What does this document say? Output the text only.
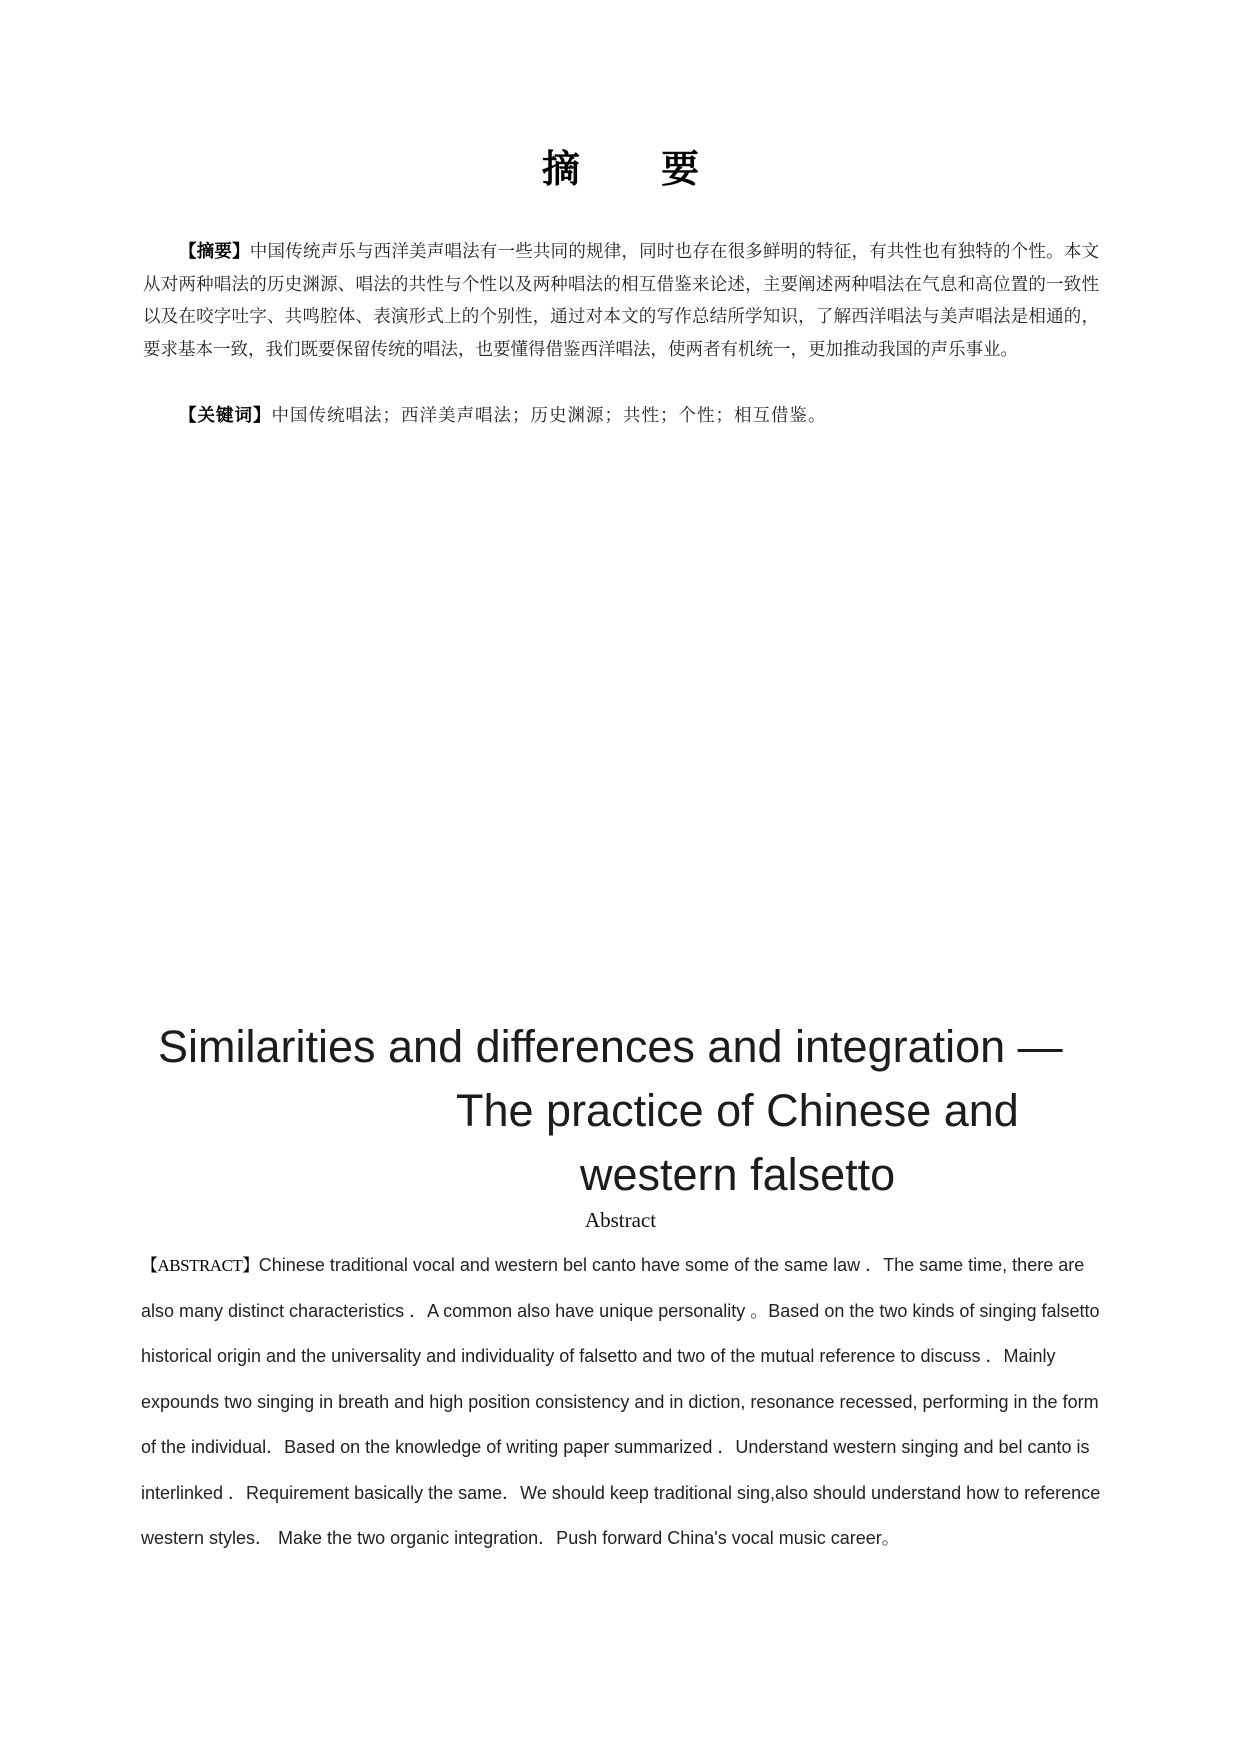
摘 要

【摘要】中国传统声乐与西洋美声唱法有一些共同的规律，同时也存在很多鲜明的特征，有共性也有独特的个性。本文从对两种唱法的历史渊源、唱法的共性与个性以及两种唱法的相互借鉴来论述，主要阐述两种唱法在气息和高位置的一致性以及在咬字吐字、共鸣腔体、表演形式上的个别性，通过对本文的写作总结所学知识，了解西洋唱法与美声唱法是相通的，要求基本一致，我们既要保留传统的唱法，也要懂得借鉴西洋唱法，使两者有机统一，更加推动我国的声乐事业。

【关键词】中国传统唱法；西洋美声唱法；历史渊源；共性；个性；相互借鉴。

Similarities and differences and integration —
The practice of Chinese and
western falsetto
Abstract

【ABSTRACT】Chinese traditional vocal and western bel canto have some of the same law ．The same time, there are also many distinct characteristics ．A common also have unique personality 。Based on the two kinds of singing falsetto historical origin and the universality and individuality of falsetto and two of the mutual reference to discuss ．Mainly expounds two singing in breath and high position consistency and in diction, resonance recessed, performing in the form of the individual．Based on the knowledge of writing paper summarized ．Understand western singing and bel canto is interlinked ．Requirement basically the same．We should keep traditional sing,also should understand how to reference western styles． Make the two organic integration．Push forward China's vocal music career。
